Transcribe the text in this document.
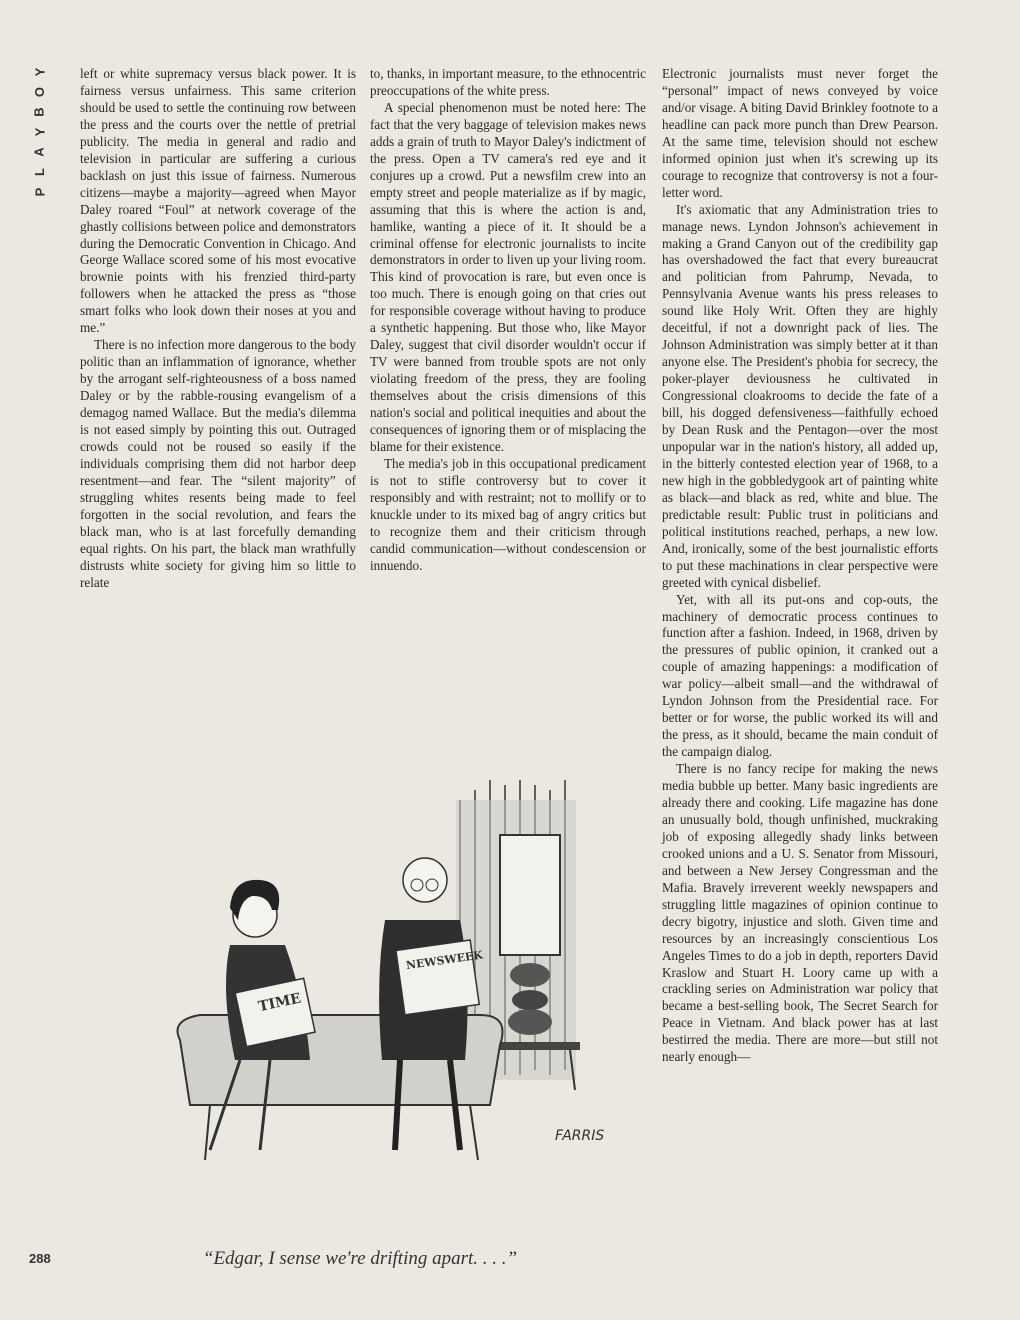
Y
O
B
Y
A
L
P

left or white supremacy versus black power. It is fairness versus unfairness. This same criterion should be used to settle the continuing row between the press and the courts over the nettle of pretrial publicity. The media in general and radio and television in particular are suffering a curious backlash on just this issue of fairness. Numerous citizens—maybe a majority—agreed when Mayor Daley roared “Foul” at network coverage of the ghastly collisions between police and demonstrators during the Democratic Convention in Chicago. And George Wallace scored some of his most evocative brownie points with his frenzied third-party followers when he attacked the press as “those smart folks who look down their noses at you and me.”

There is no infection more dangerous to the body politic than an inflammation of ignorance, whether by the arrogant self-righteousness of a boss named Daley or by the rabble-rousing evangelism of a demagog named Wallace. But the media's dilemma is not eased simply by pointing this out. Outraged crowds could not be roused so easily if the individuals comprising them did not harbor deep resentment—and fear. The “silent majority” of struggling whites resents being made to feel forgotten in the social revolution, and fears the black man, who is at last forcefully demanding equal rights. On his part, the black man wrathfully distrusts white society for giving him so little to relate

to, thanks, in important measure, to the ethnocentric preoccupations of the white press.

A special phenomenon must be noted here: The fact that the very baggage of television makes news adds a grain of truth to Mayor Daley's indictment of the press. Open a TV camera's red eye and it conjures up a crowd. Put a newsfilm crew into an empty street and people materialize as if by magic, assuming that this is where the action is and, hamlike, wanting a piece of it. It should be a criminal offense for electronic journalists to incite demonstrators in order to liven up your living room. This kind of provocation is rare, but even once is too much. There is enough going on that cries out for responsible coverage without having to produce a synthetic happening. But those who, like Mayor Daley, suggest that civil disorder wouldn't occur if TV were banned from trouble spots are not only violating freedom of the press, they are fooling themselves about the crisis dimensions of this nation's social and political inequities and about the consequences of ignoring them or of misplacing the blame for their existence.

The media's job in this occupational predicament is not to stifle controversy but to cover it responsibly and with restraint; not to mollify or to knuckle under to its mixed bag of angry critics but to recognize them and their criticism through candid communication—without condescension or innuendo.

Electronic journalists must never forget the “personal” impact of news conveyed by voice and/or visage. A biting David Brinkley footnote to a headline can pack more punch than Drew Pearson. At the same time, television should not eschew informed opinion just when it's screwing up its courage to recognize that controversy is not a four-letter word.

It's axiomatic that any Administration tries to manage news. Lyndon Johnson's achievement in making a Grand Canyon out of the credibility gap has overshadowed the fact that every bureaucrat and politician from Pahrump, Nevada, to Pennsylvania Avenue wants his press releases to sound like Holy Writ. Often they are highly deceitful, if not a downright pack of lies. The Johnson Administration was simply better at it than anyone else. The President's phobia for secrecy, the poker-player deviousness he cultivated in Congressional cloakrooms to decide the fate of a bill, his dogged defensiveness—faithfully echoed by Dean Rusk and the Pentagon—over the most unpopular war in the nation's history, all added up, in the bitterly contested election year of 1968, to a new high in the gobbledygook art of painting white as black—and black as red, white and blue. The predictable result: Public trust in politicians and political institutions reached, perhaps, a new low. And, ironically, some of the best journalistic efforts to put these machinations in clear perspective were greeted with cynical disbelief.

Yet, with all its put-ons and cop-outs, the machinery of democratic process continues to function after a fashion. Indeed, in 1968, driven by the pressures of public opinion, it cranked out a couple of amazing happenings: a modification of war policy—albeit small—and the withdrawal of Lyndon Johnson from the Presidential race. For better or for worse, the public worked its will and the press, as it should, became the main conduit of the campaign dialog.

There is no fancy recipe for making the news media bubble up better. Many basic ingredients are already there and cooking. Life magazine has done an unusually bold, though unfinished, muckraking job of exposing allegedly shady links between crooked unions and a U. S. Senator from Missouri, and between a New Jersey Congressman and the Mafia. Bravely irreverent weekly newspapers and struggling little magazines of opinion continue to decry bigotry, injustice and sloth. Given time and resources by an increasingly conscientious Los Angeles Times to do a job in depth, reporters David Kraslow and Stuart H. Loory came up with a crackling series on Administration war policy that became a best-selling book, The Secret Search for Peace in Vietnam. And black power has at last bestirred the media. There are more—but still not nearly enough—

TIME
NEWSWEEK
FARRIS
“Edgar, I sense we're drifting apart. . . .”
288
